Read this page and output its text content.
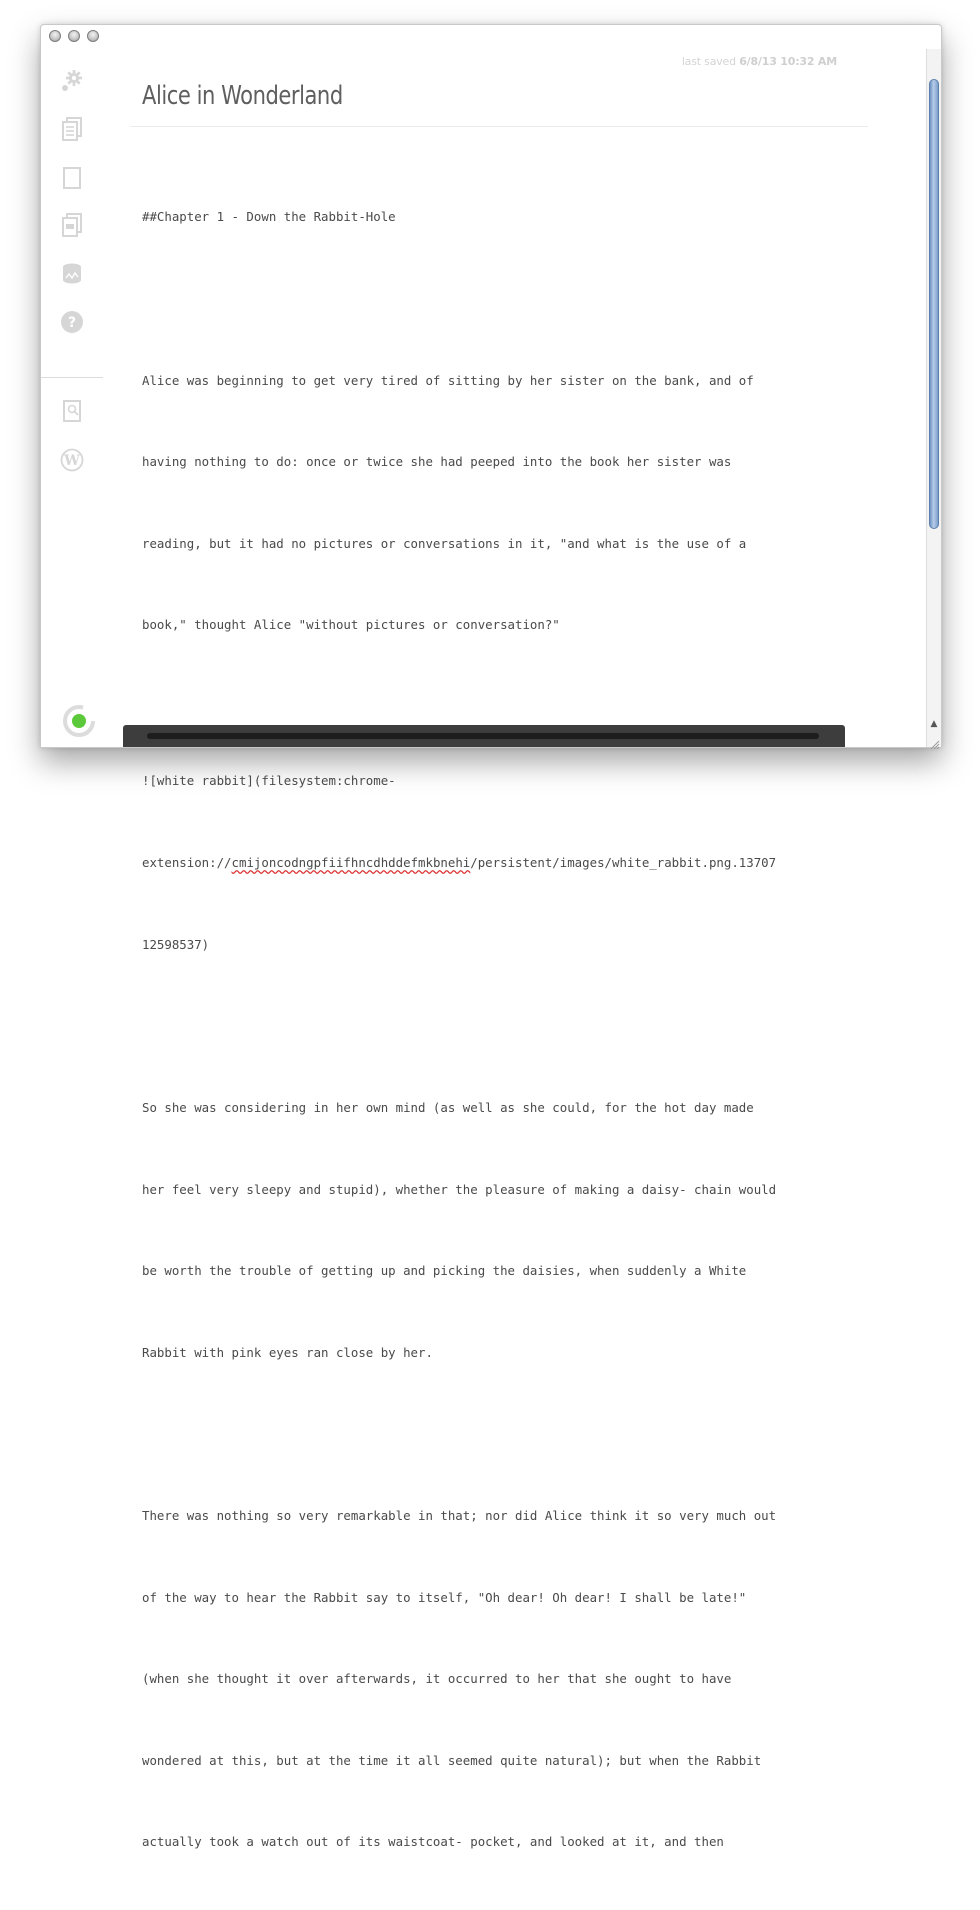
?
W
last saved 6/8/13 10:32 AM
Alice in Wonderland

##Chapter 1 - Down the Rabbit-Hole

Alice was beginning to get very tired of sitting by her sister on the bank, and of

having nothing to do: once or twice she had peeped into the book her sister was

reading, but it had no pictures or conversations in it, "and what is the use of a

book," thought Alice "without pictures or conversation?"

![white rabbit](filesystem:chrome-

extension://cmijoncodngpfiifhncdhddefmkbnehi/persistent/images/white_rabbit.png.13707

12598537)

So she was considering in her own mind (as well as she could, for the hot day made

her feel very sleepy and stupid), whether the pleasure of making a daisy- chain would

be worth the trouble of getting up and picking the daisies, when suddenly a White

Rabbit with pink eyes ran close by her.

There was nothing so very remarkable in that; nor did Alice think it so very much out

of the way to hear the Rabbit say to itself, "Oh dear! Oh dear! I shall be late!"

(when she thought it over afterwards, it occurred to her that she ought to have

wondered at this, but at the time it all seemed quite natural); but when the Rabbit

actually took a watch out of its waistcoat- pocket, and looked at it, and then

▲
